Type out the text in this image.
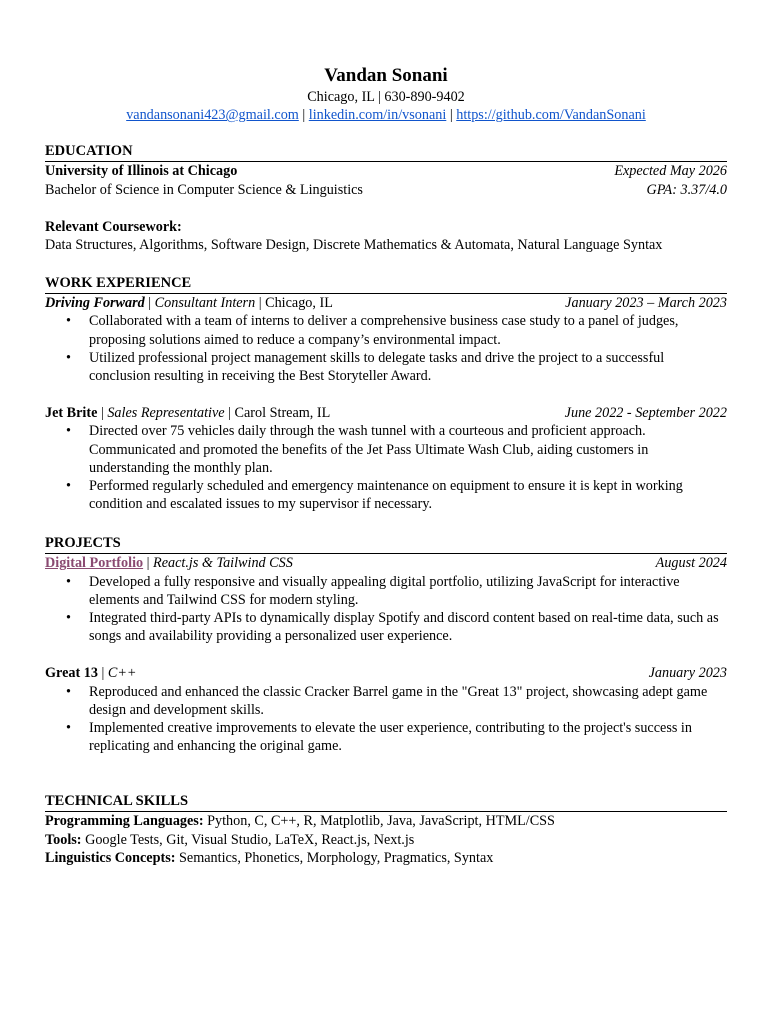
Vandan Sonani

Chicago, IL | 630-890-9402

vandansonani423@gmail.com | linkedin.com/in/vsonani | https://github.com/VandanSonani

EDUCATION

University of Illinois at Chicago	Expected May 2026
Bachelor of Science in Computer Science & Linguistics	GPA: 3.37/4.0
Relevant Coursework:
Data Structures, Algorithms, Software Design, Discrete Mathematics & Automata, Natural Language Syntax

WORK EXPERIENCE

Driving Forward | Consultant Intern | Chicago, IL	January 2023 – March 2023
• Collaborated with a team of interns to deliver a comprehensive business case study to a panel of judges, proposing solutions aimed to reduce a company’s environmental impact.
• Utilized professional project management skills to delegate tasks and drive the project to a successful conclusion resulting in receiving the Best Storyteller Award.
Jet Brite | Sales Representative | Carol Stream, IL	June 2022 - September 2022
• Directed over 75 vehicles daily through the wash tunnel with a courteous and proficient approach. Communicated and promoted the benefits of the Jet Pass Ultimate Wash Club, aiding customers in understanding the monthly plan.
• Performed regularly scheduled and emergency maintenance on equipment to ensure it is kept in working condition and escalated issues to my supervisor if necessary.

PROJECTS

Digital Portfolio | React.js & Tailwind CSS	August 2024
• Developed a fully responsive and visually appealing digital portfolio, utilizing JavaScript for interactive elements and Tailwind CSS for modern styling.
• Integrated third-party APIs to dynamically display Spotify and discord content based on real-time data, such as songs and availability providing a personalized user experience.
Great 13 | C++	January 2023
• Reproduced and enhanced the classic Cracker Barrel game in the "Great 13" project, showcasing adept game design and development skills.
• Implemented creative improvements to elevate the user experience, contributing to the project's success in replicating and enhancing the original game.

TECHNICAL SKILLS

Programming Languages: Python, C, C++, R, Matplotlib, Java, JavaScript, HTML/CSS
Tools: Google Tests, Git, Visual Studio, LaTeX, React.js, Next.js
Linguistics Concepts: Semantics, Phonetics, Morphology, Pragmatics, Syntax
